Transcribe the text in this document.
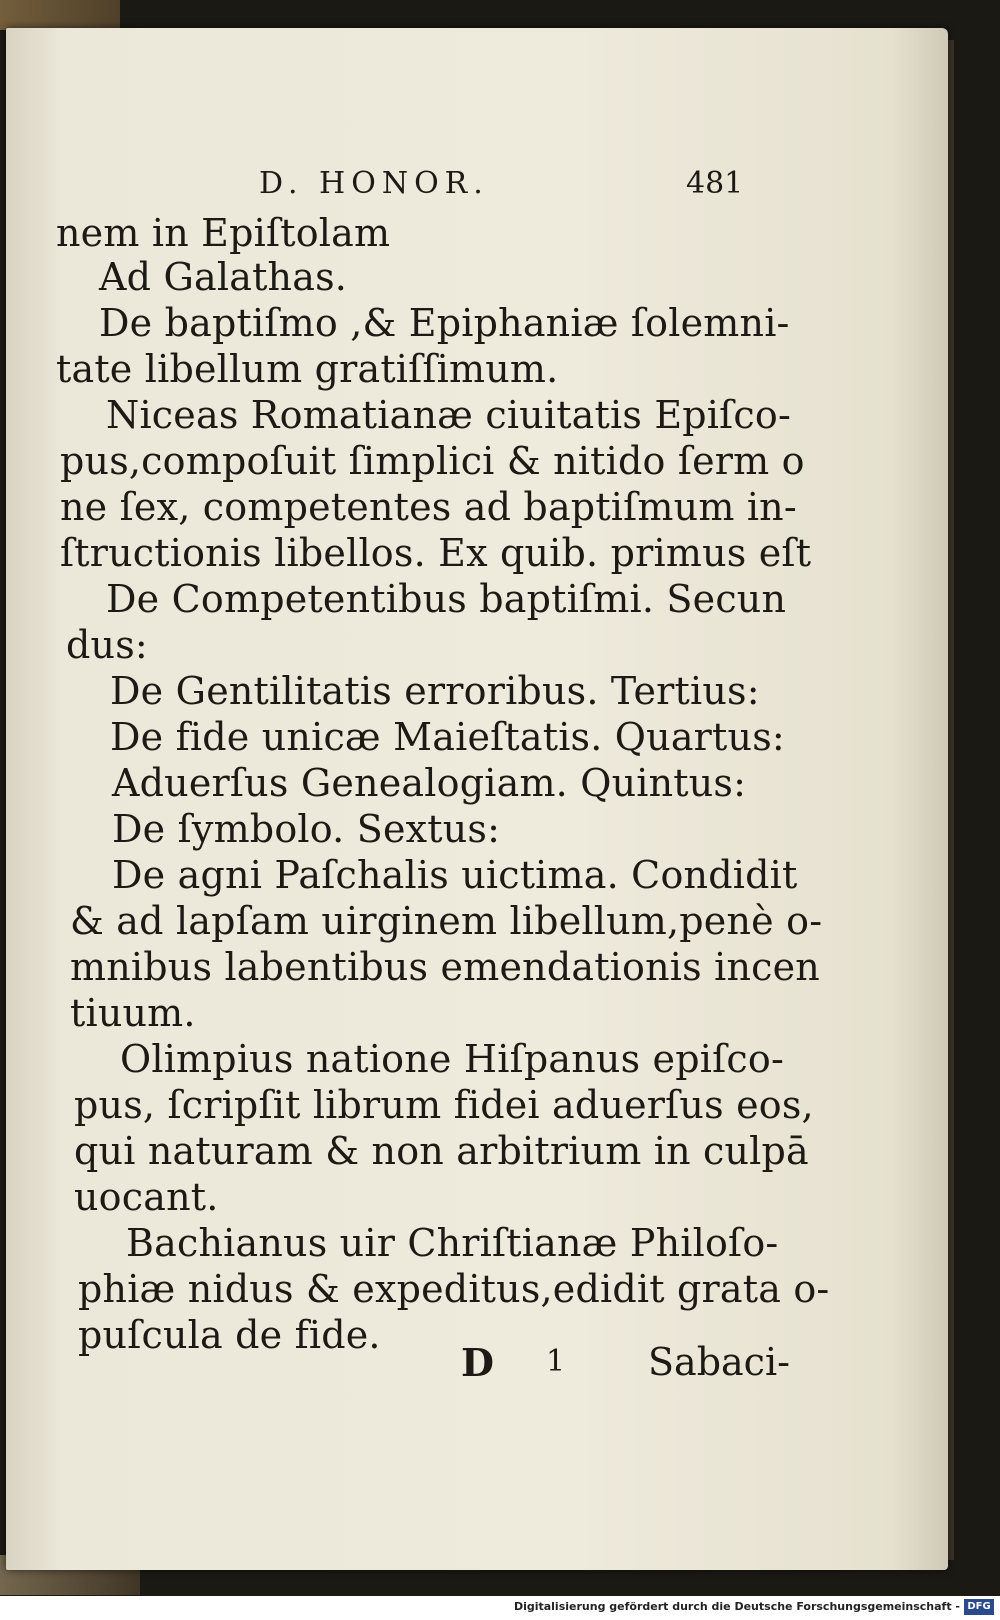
D. HONOR.	481
nem in Epiſtolam
Ad Galathas.
De baptiſmo ,& Epiphaniæ ſolemni-
tate libellum gratiſſimum.
Niceas Romatianæ ciuitatis Epiſco-
pus,compoſuit ſimplici & nitido ſerm o
ne ſex, competentes ad baptiſmum in-
ſtructionis libellos. Ex quib. primus eſt
De Competentibus baptiſmi. Secun
dus:
De Gentilitatis erroribus. Tertius:
De fide unicæ Maieſtatis. Quartus:
Aduerſus Genealogiam. Quintus:
De ſymbolo. Sextus:
De agni Paſchalis uictima. Condidit
& ad lapſam uirginem libellum,penè o-
mnibus labentibus emendationis incen
tiuum.
Olimpius natione Hiſpanus epiſco-
pus, ſcripſit librum fidei aduerſus eos,
qui naturam & non arbitrium in culpā
uocant.
Bachianus uir Chriſtianæ Philoſo-
phiæ nidus & expeditus,edidit grata o-
puſcula de fide.
D 1 Sabaci-
Digitalisierung gefördert durch die Deutsche Forschungsgemeinschaft - DFG
